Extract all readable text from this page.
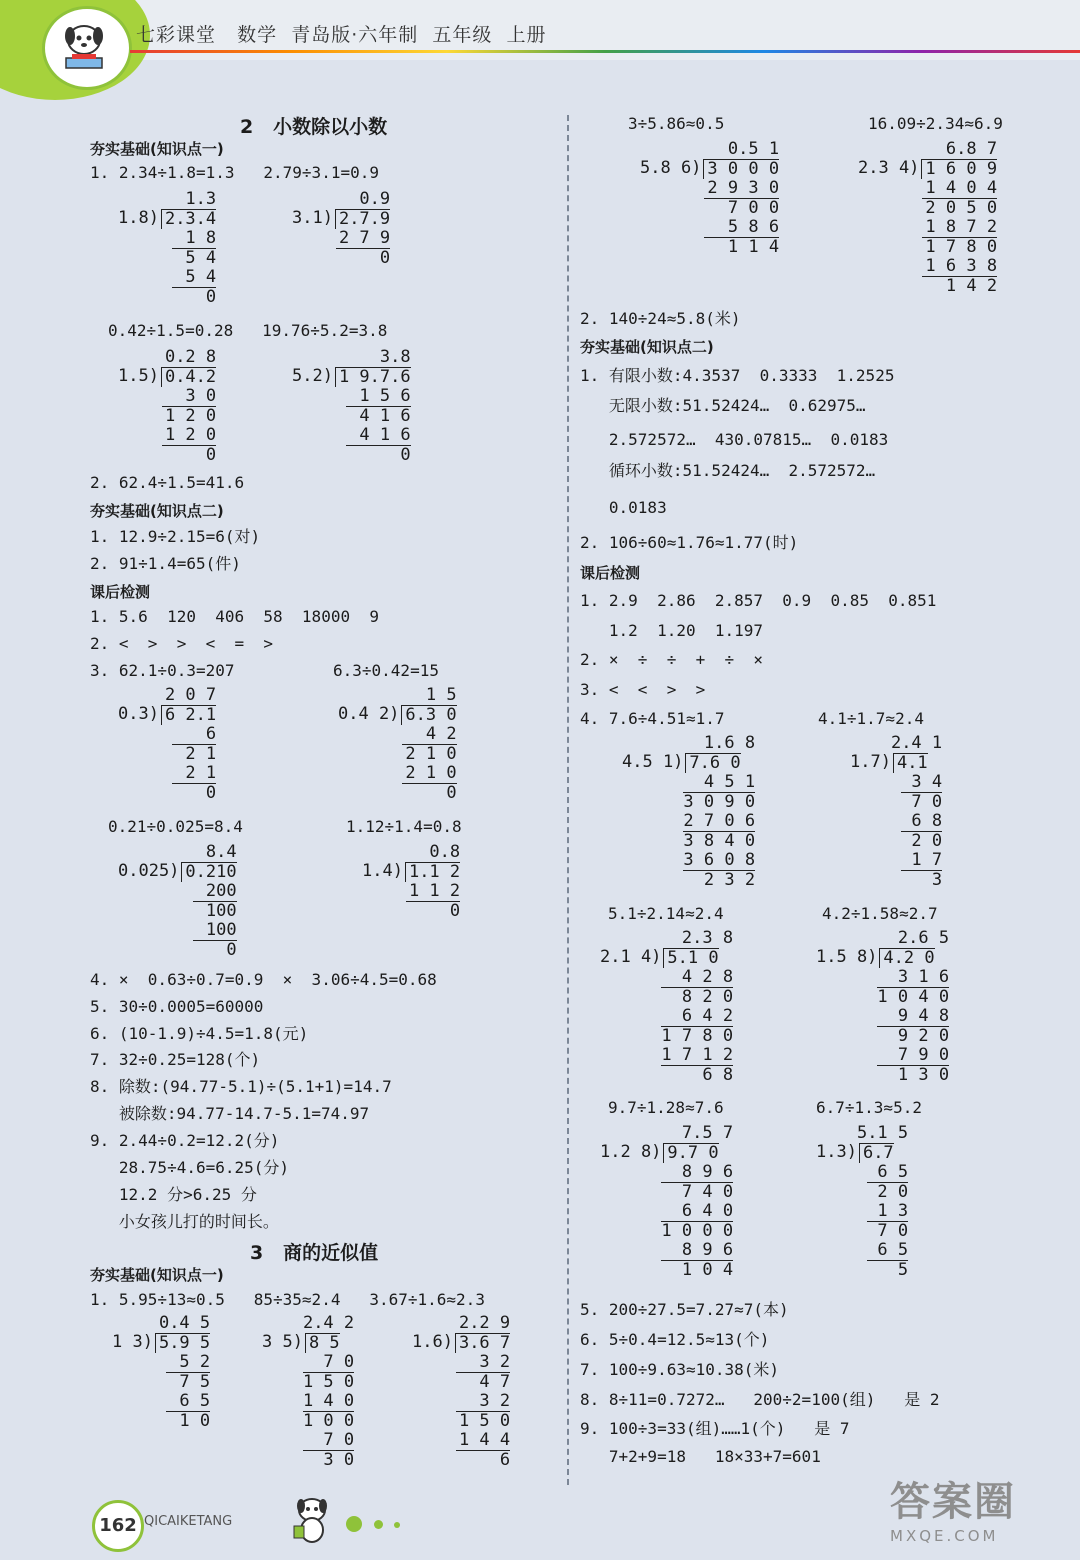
七彩课堂 数学 青岛版·六年制 五年级 上册
2   小数除以小数
夯实基础(知识点一)
1. 2.34÷1.8=1.3   2.79÷3.1=0.9
1.3
1.8) 2.3.4
1 8
5 4
5 4
0
0.9
3.1) 2.7.9
2 7 9
0
0.42÷1.5=0.28   19.76÷5.2=3.8
0.2 8
1.5) 0.4.2
3 0
1 2 0
1 2 0
0
3.8
5.2) 1 9.7.6
1 5 6
4 1 6
4 1 6
0
2. 62.4÷1.5=41.6
夯实基础(知识点二)
1. 12.9÷2.15=6(对)
2. 91÷1.4=65(件)
课后检测
1. 5.6  120  406  58  18000  9
2. <  >  >  <  =  >
3. 62.1÷0.3=207	6.3÷0.42=15
2 0 7
0.3) 6 2.1
6
2 1
2 1
0
1 5
0.4 2) 6.3 0
4 2
2 1 0
2 1 0
0
0.21÷0.025=8.4	1.12÷1.4=0.8
8.4
0.025) 0.210
200
100
100
0
0.8
1.4) 1.1 2
1 1 2
0
4. ×  0.63÷0.7=0.9  ×  3.06÷4.5=0.68
5. 30÷0.0005=60000
6. (10-1.9)÷4.5=1.8(元)
7. 32÷0.25=128(个)
8. 除数:(94.77-5.1)÷(5.1+1)=14.7
被除数:94.77-14.7-5.1=74.97
9. 2.44÷0.2=12.2(分)
28.75÷4.6=6.25(分)
12.2 分>6.25 分
小女孩儿打的时间长。
3   商的近似值
夯实基础(知识点一)
1. 5.95÷13≈0.5   85÷35≈2.4   3.67÷1.6≈2.3
0.4 5
1 3) 5.9 5
5 2
7 5
6 5
1 0
2.4 2
3 5) 8 5
7 0
1 5 0
1 4 0
1 0 0
7 0
3 0
2.2 9
1.6) 3.6 7
3 2
4 7
3 2
1 5 0
1 4 4
6
3÷5.86≈0.5	16.09÷2.34≈6.9
0.5 1
5.8 6) 3 0 0 0
2 9 3 0
7 0 0
5 8 6
1 1 4
6.8 7
2.3 4) 1 6 0 9
1 4 0 4
2 0 5 0
1 8 7 2
1 7 8 0
1 6 3 8
1 4 2
2. 140÷24≈5.8(米)
夯实基础(知识点二)
1. 有限小数:4.3537  0.3333  1.2525
无限小数:51.52424…  0.62975…
2.572572…  430.07815…  0.0183
循环小数:51.52424…  2.572572…
0.0183
2. 106÷60≈1.76≈1.77(时)
课后检测
1. 2.9  2.86  2.857  0.9  0.85  0.851
1.2  1.20  1.197
2. ×  ÷  ÷  +  ÷  ×
3. <  <  >  >
4. 7.6÷4.51≈1.7	4.1÷1.7≈2.4
1.6 8
4.5 1) 7.6 0
4 5 1
3 0 9 0
2 7 0 6
3 8 4 0
3 6 0 8
2 3 2
2.4 1
1.7) 4.1
3 4
7 0
6 8
2 0
1 7
3
5.1÷2.14≈2.4	4.2÷1.58≈2.7
2.3 8
2.1 4) 5.1 0
4 2 8
8 2 0
6 4 2
1 7 8 0
1 7 1 2
6 8
2.6 5
1.5 8) 4.2 0
3 1 6
1 0 4 0
9 4 8
9 2 0
7 9 0
1 3 0
9.7÷1.28≈7.6	6.7÷1.3≈5.2
7.5 7
1.2 8) 9.7 0
8 9 6
7 4 0
6 4 0
1 0 0 0
8 9 6
1 0 4
5.1 5
1.3) 6.7
6 5
2 0
1 3
7 0
6 5
5
5. 200÷27.5=7.27≈7(本)
6. 5÷0.4=12.5≈13(个)
7. 100÷9.63≈10.38(米)
8. 8÷11=0.7272…   200÷2=100(组)   是 2
9. 100÷3=33(组)……1(个)   是 7
7+2+9=18   18×33+7=601
162 QICAIKETANG	答案圈
MXQE.COM
